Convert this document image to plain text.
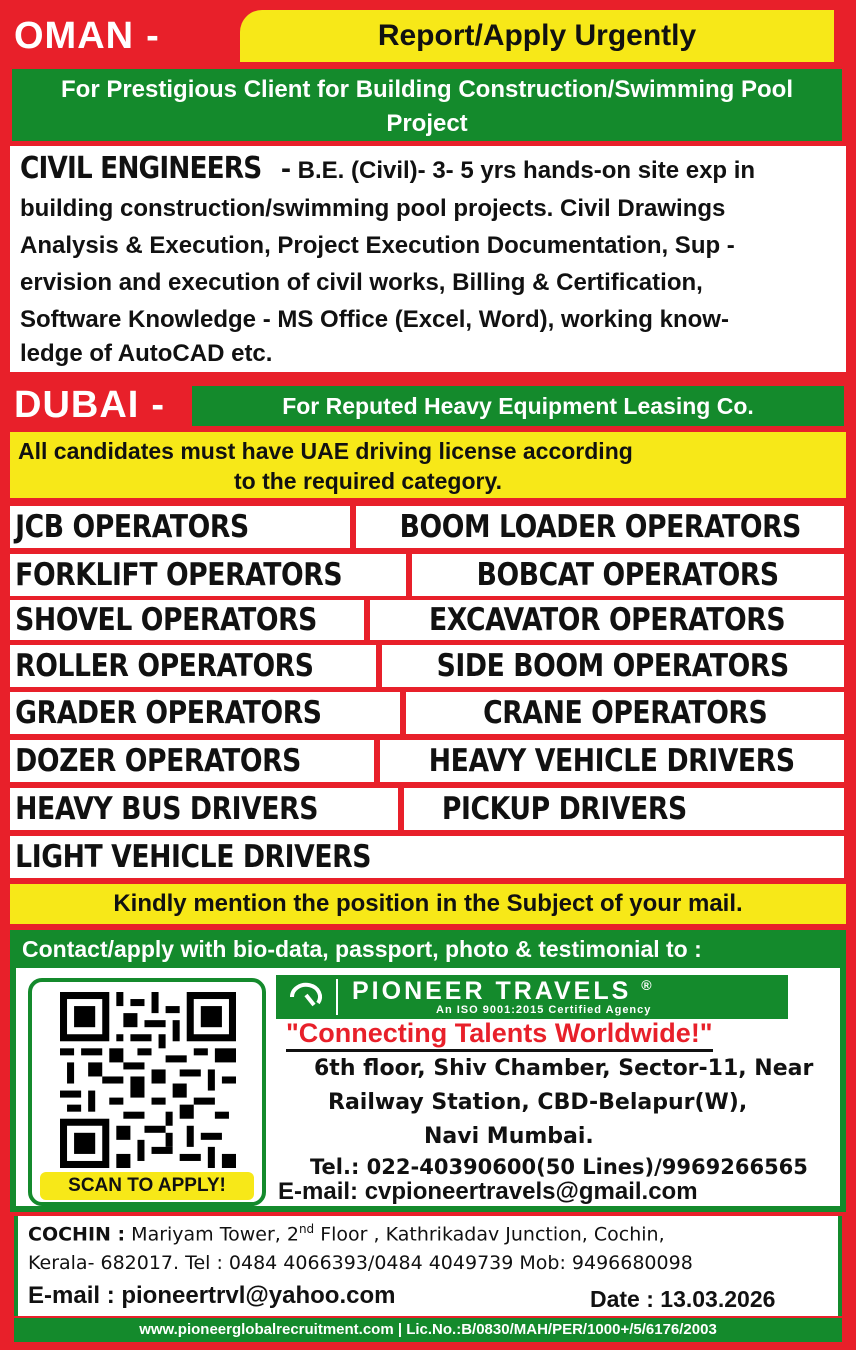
OMAN -	Report/Apply Urgently
For Prestigious Client for Building Construction/Swimming Pool Project
CIVIL ENGINEERS - B.E. (Civil)- 3- 5 yrs hands-on site exp in
building construction/swimming pool projects. Civil Drawings
Analysis & Execution, Project Execution Documentation, Sup -
ervision and execution of civil works, Billing & Certification,
Software Knowledge - MS Office (Excel, Word), working know-
ledge of AutoCAD etc.
DUBAI -	For Reputed Heavy Equipment Leasing Co.
All candidates must have UAE driving license according
to the required category.
JCB OPERATORS	BOOM LOADER OPERATORS
FORKLIFT OPERATORS	BOBCAT OPERATORS
SHOVEL OPERATORS	EXCAVATOR OPERATORS
ROLLER OPERATORS	SIDE BOOM OPERATORS
GRADER OPERATORS	CRANE OPERATORS
DOZER OPERATORS	HEAVY VEHICLE DRIVERS
HEAVY BUS DRIVERS	PICKUP DRIVERS
LIGHT VEHICLE DRIVERS
Kindly mention the position in the Subject of your mail.
Contact/apply with bio-data, passport, photo & testimonial to :
SCAN TO APPLY!
PIONEER TRAVELS ®
An ISO 9001:2015 Certified Agency
"Connecting Talents Worldwide!"
6th floor, Shiv Chamber, Sector-11, Near
Railway Station, CBD-Belapur(W),
Navi Mumbai.
Tel.: 022-40390600(50 Lines)/9969266565
E-mail: cvpioneertravels@gmail.com
COCHIN : Mariyam Tower, 2nd Floor , Kathrikadav Junction, Cochin,
Kerala- 682017. Tel : 0484 4066393/0484 4049739 Mob: 9496680098
E-mail : pioneertrvl@yahoo.com	Date : 13.03.2026
www.pioneerglobalrecruitment.com | Lic.No.:B/0830/MAH/PER/1000+/5/6176/2003
